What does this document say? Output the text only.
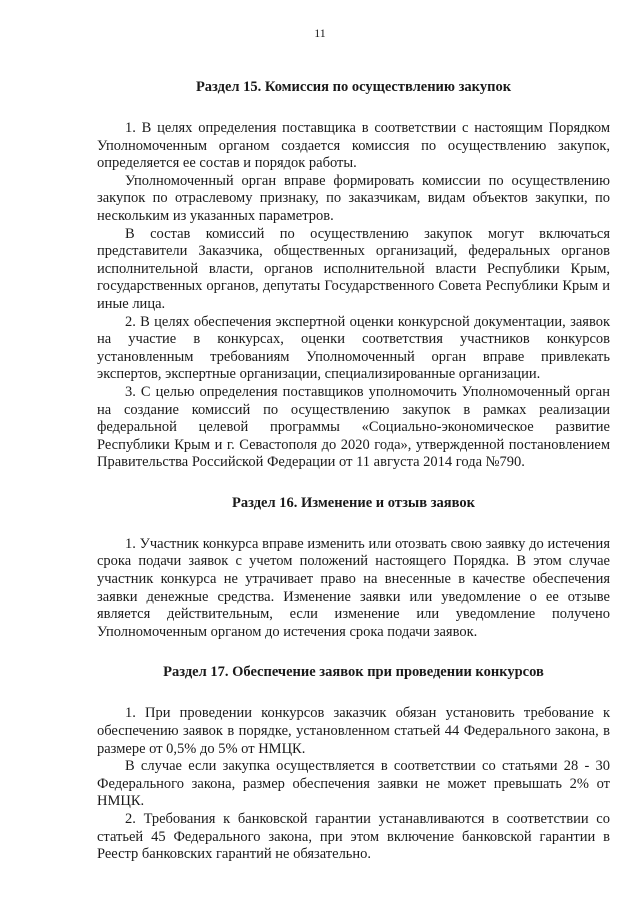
11
Раздел 15. Комиссия по осуществлению закупок

1. В целях определения поставщика в соответствии с настоящим Порядком Уполномоченным органом создается комиссия по осуществлению закупок, определяется ее состав и порядок работы.

Уполномоченный орган вправе формировать комиссии по осуществлению закупок по отраслевому признаку, по заказчикам, видам объектов закупки, по нескольким из указанных параметров.

В состав комиссий по осуществлению закупок могут включаться представители Заказчика, общественных организаций, федеральных органов исполнительной власти, органов исполнительной власти Республики Крым, государственных органов, депутаты Государственного Совета Республики Крым и иные лица.

2. В целях обеспечения экспертной оценки конкурсной документации, заявок на участие в конкурсах, оценки соответствия участников конкурсов установленным требованиям Уполномоченный орган вправе привлекать экспертов, экспертные организации, специализированные организации.

3. С целью определения поставщиков уполномочить Уполномоченный орган на создание комиссий по осуществлению закупок в рамках реализации федеральной целевой программы «Социально-экономическое развитие Республики Крым и г. Севастополя до 2020 года», утвержденной постановлением Правительства Российской Федерации от 11 августа 2014 года №790.

Раздел 16. Изменение и отзыв заявок

1. Участник конкурса вправе изменить или отозвать свою заявку до истечения срока подачи заявок с учетом положений настоящего Порядка. В этом случае участник конкурса не утрачивает право на внесенные в качестве обеспечения заявки денежные средства. Изменение заявки или уведомление о ее отзыве является действительным, если изменение или уведомление получено Уполномоченным органом до истечения срока подачи заявок.

Раздел 17. Обеспечение заявок при проведении конкурсов

1. При проведении конкурсов заказчик обязан установить требование к обеспечению заявок в порядке, установленном статьей 44 Федерального закона, в размере от 0,5% до 5% от НМЦК.

В случае если закупка осуществляется в соответствии со статьями 28 - 30 Федерального закона, размер обеспечения заявки не может превышать 2% от НМЦК.

2. Требования к банковской гарантии устанавливаются в соответствии со статьей 45 Федерального закона, при этом включение банковской гарантии в Реестр банковских гарантий не обязательно.
